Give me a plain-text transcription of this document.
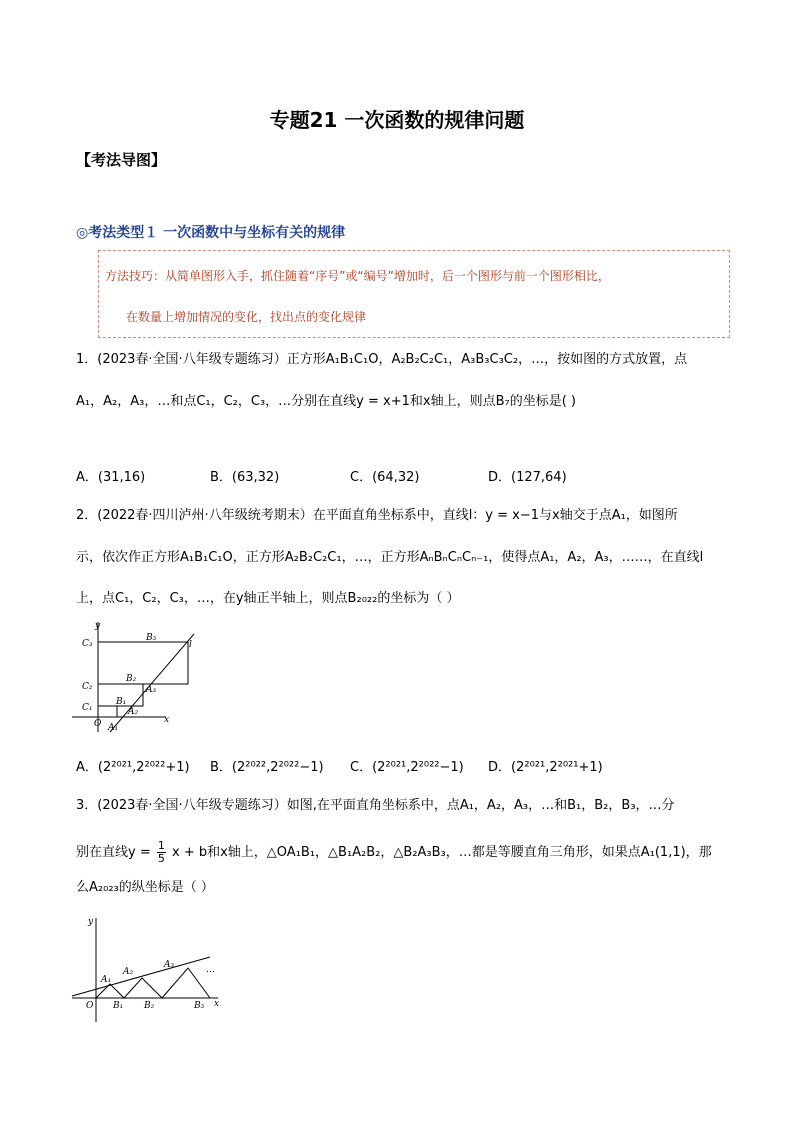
专题21 一次函数的规律问题
【考法导图】
◎考法类型１ 一次函数中与坐标有关的规律
方法技巧：从简单图形入手，抓住随着“序号”或“编号”增加时，后一个图形与前一个图形相比，
在数量上增加情况的变化，找出点的变化规律
1．(2023春·全国·八年级专题练习）正方形A₁B₁C₁O，A₂B₂C₂C₁，A₃B₃C₃C₂，…，按如图的方式放置，点
A₁，A₂，A₃，…和点C₁，C₂，C₃，…分别在直线y = x+1和x轴上，则点B₇的坐标是( )
A．(31,16)	B．(63,32)	C．(64,32)	D．(127,64)
2．(2022春·四川泸州·八年级统考期末）在平面直角坐标系中，直线l：y = x−1与x轴交于点A₁，如图所
示，依次作正方形A₁B₁C₁O，正方形A₂B₂C₂C₁，…，正方形AₙBₙCₙCₙ₋₁，使得点A₁，A₂，A₃，……，在直线l
上，点C₁，C₂，C₃，…，在y轴正半轴上，则点B₂₀₂₂的坐标为（ ）
y
C₃
B₃
l
C₂
B₂
A₃
C₁
B₁
A₂
O A₁
x
A．(2²⁰²¹,2²⁰²²+1) B．(2²⁰²²,2²⁰²²−1) C．(2²⁰²¹,2²⁰²²−1) D．(2²⁰²¹,2²⁰²¹+1)
3．(2023春·全国·八年级专题练习）如图,在平面直角坐标系中，点A₁，A₂，A₃，…和B₁，B₂，B₃，…分
别在直线$y = \frac{1}{5}$ x + b和x轴上，△OA₁B₁，△B₁A₂B₂，△B₂A₃B₃，…都是等腰直角三角形，如果点A₁(1,1)，那
么A₂₀₂₃的纵坐标是（ ）
y
A₁
A₂
A₃	…
O B₁ B₂	B₃ x
